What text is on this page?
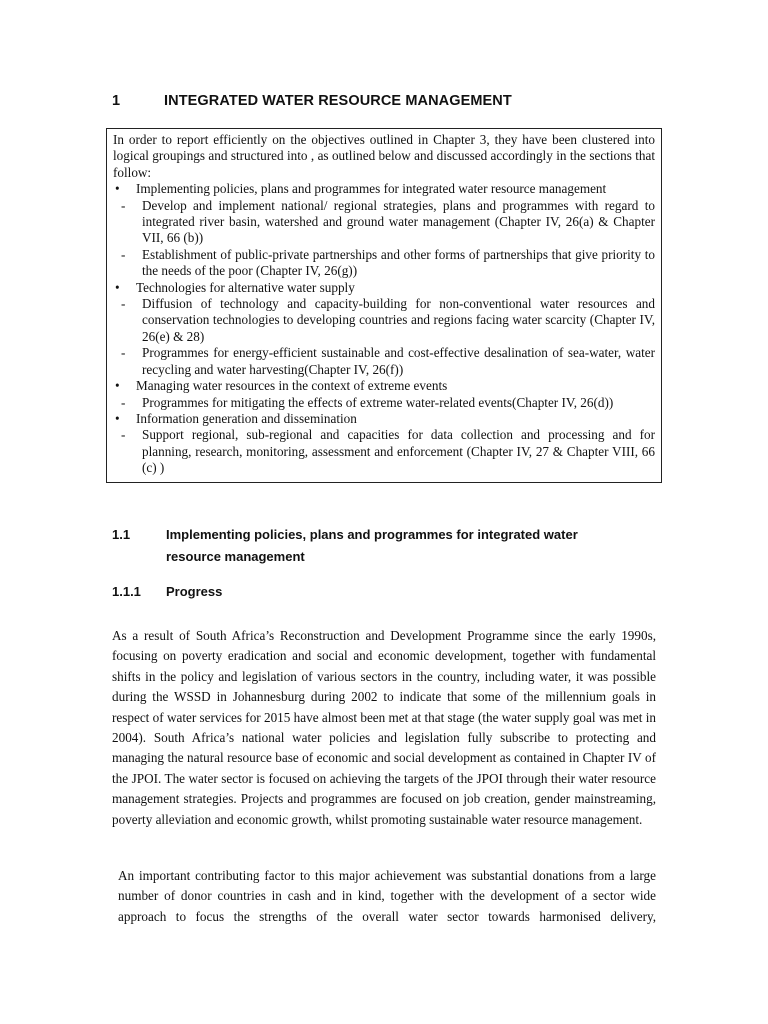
1	INTEGRATED WATER RESOURCE MANAGEMENT

In order to report efficiently on the objectives outlined in Chapter 3, they have been clustered into logical groupings and structured into , as outlined below and discussed accordingly in the sections that follow:

• Implementing policies, plans and programmes for integrated water resource management
- Develop and implement national/ regional strategies, plans and programmes with regard to integrated river basin, watershed and ground water management (Chapter IV, 26(a) & Chapter VII, 66 (b))
- Establishment of public-private partnerships and other forms of partnerships that give priority to the needs of the poor (Chapter IV, 26(g))
• Technologies for alternative water supply
- Diffusion of technology and capacity-building for non-conventional water resources and conservation technologies to developing countries and regions facing water scarcity (Chapter IV, 26(e) & 28)
- Programmes for energy-efficient sustainable and cost-effective desalination of sea-water, water recycling and water harvesting(Chapter IV, 26(f))
• Managing water resources in the context of extreme events
- Programmes for mitigating the effects of extreme water-related events(Chapter IV, 26(d))
• Information generation and dissemination
- Support regional, sub-regional and capacities for data collection and processing and for planning, research, monitoring, assessment and enforcement (Chapter IV, 27 & Chapter VIII, 66 (c) )
1.1	Implementing policies, plans and programmes for integrated water resource management
1.1.1 Progress

As a result of South Africa’s Reconstruction and Development Programme since the early 1990s, focusing on poverty eradication and social and economic development, together with fundamental shifts in the policy and legislation of various sectors in the country, including water, it was possible during the WSSD in Johannesburg during 2002 to indicate that some of the millennium goals in respect of water services for 2015 have almost been met at that stage (the water supply goal was met in 2004). South Africa’s national water policies and legislation fully subscribe to protecting and managing the natural resource base of economic and social development as contained in Chapter IV of the JPOI. The water sector is focused on achieving the targets of the JPOI through their water resource management strategies. Projects and programmes are focused on job creation, gender mainstreaming, poverty alleviation and economic growth, whilst promoting sustainable water resource management.

An important contributing factor to this major achievement was substantial donations from a large number of donor countries in cash and in kind, together with the development of a sector wide approach to focus the strengths of the overall water sector towards harmonised delivery,
